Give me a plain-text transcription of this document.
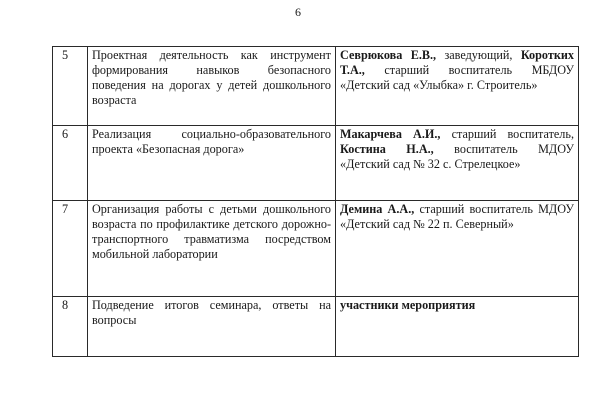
6
5	Проектная деятельность как инструмент формирования навыков безопасного поведения на дорогах у детей дошкольного возраста	Севрюкова Е.В., заведующий, Коротких Т.А., старший воспитатель МБДОУ «Детский сад «Улыбка» г. Строитель»
6	Реализация социально-образовательного проекта «Безопасная дорога»	Макарчева А.И., старший воспитатель, Костина Н.А., воспитатель МДОУ «Детский сад № 32 с. Стрелецкое»
7	Организация работы с детьми дошкольного возраста по профилактике детского дорожно-транспортного травматизма посредством мобильной лаборатории	Демина А.А., старший воспитатель МДОУ «Детский сад № 22 п. Северный»
8	Подведение итогов семинара, ответы на вопросы	участники мероприятия
